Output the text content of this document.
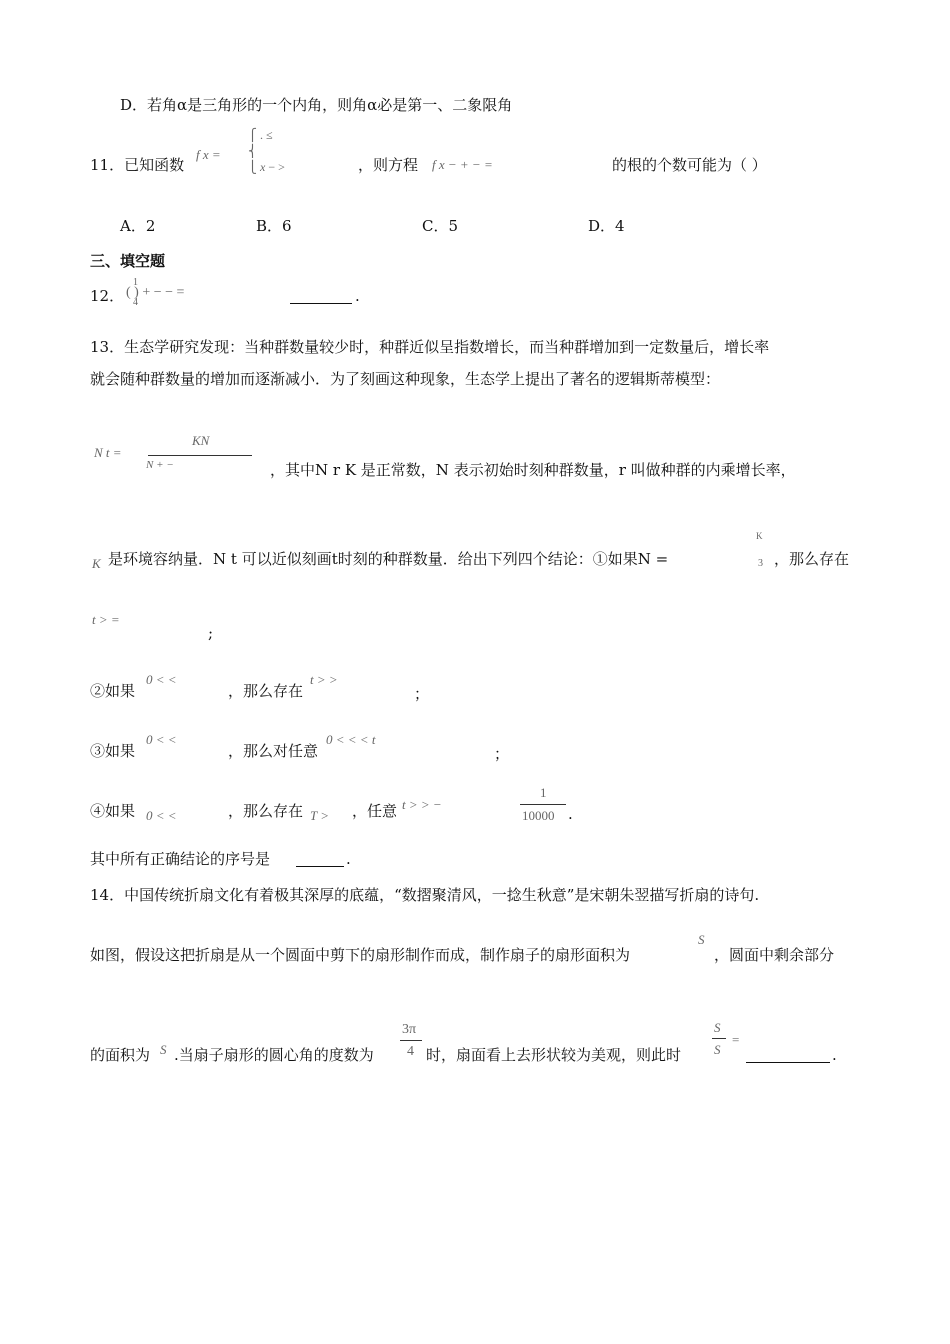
D．若角α是三角形的一个内角，则角α必是第一、二象限角
11．已知函数
f x =
⎧ . ≤
⎨
⎩ x − >	，则方程 f x − + − =	的根的个数可能为（ ）
A．2	B．6	C．5	D．4
三、填空题
12． ( ) + − − =
1
4	.
13．生态学研究发现：当种群数量较少时，种群近似呈指数增长，而当种群增加到一定数量后，增长率
就会随种群数量的增加而逐渐减小．为了刻画这种现象，生态学上提出了著名的逻辑斯蒂模型：
N t =
KN
N + −	，其中N r K 是正常数，N 表示初始时刻种群数量，r 叫做种群的内乘增长率，
K 是环境容纳量．N t 可以近似刻画t时刻的种群数量．给出下列四个结论：①如果N =
K
3 ，那么存在
t > =
;
②如果
0 < <
，那么存在
t > >
；
③如果
0 < <
，那么对任意
0 < < < t
；
④如果 0 < <	，那么存在 T > ，任意 t > > −
1
10000 .
其中所有正确结论的序号是	.
14．中国传统折扇文化有着极其深厚的底蕴，“数摺聚清风，一捻生秋意”是宋朝朱翌描写折扇的诗句.
如图，假设这把折扇是从一个圆面中剪下的扇形制作而成，制作扇子的扇形面积为
S
，圆面中剩余部分
的面积为 S .当扇子扇形的圆心角的度数为
3π
4 时，扇面看上去形状较为美观，则此时
S
S
=
.
